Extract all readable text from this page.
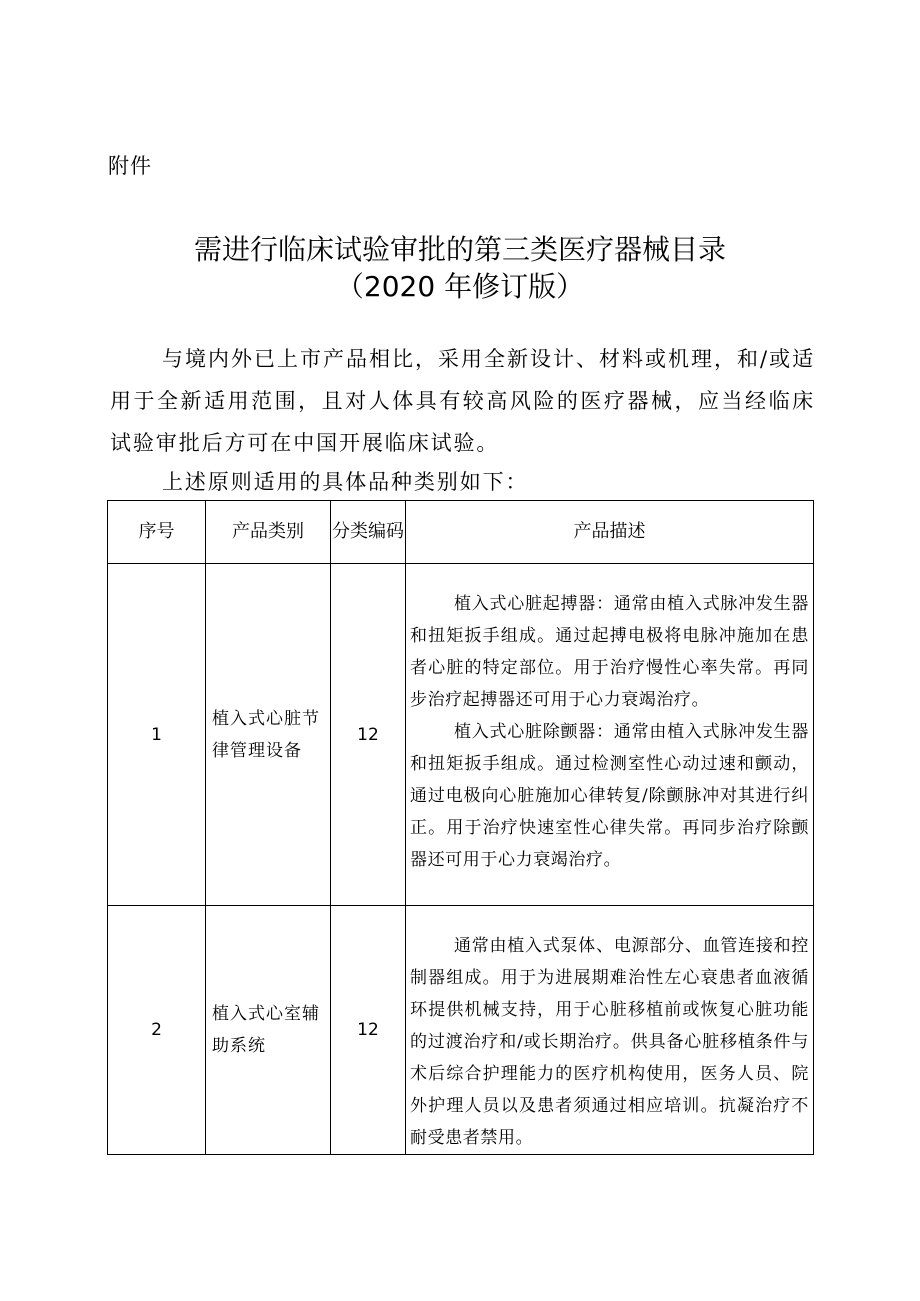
附件
需进行临床试验审批的第三类医疗器械目录
（2020 年修订版）

与境内外已上市产品相比，采用全新设计、材料或机理，和/或适用于全新适用范围，且对人体具有较高风险的医疗器械，应当经临床试验审批后方可在中国开展临床试验。

上述原则适用的具体品种类别如下：
序号	产品类别	分类编码	产品描述
1	植入式心脏节律管理设备	12	植入式心脏起搏器：通常由植入式脉冲发生器和扭矩扳手组成。通过起搏电极将电脉冲施加在患者心脏的特定部位。用于治疗慢性心率失常。再同步治疗起搏器还可用于心力衰竭治疗。

植入式心脏除颤器：通常由植入式脉冲发生器和扭矩扳手组成。通过检测室性心动过速和颤动，通过电极向心脏施加心律转复/除颤脉冲对其进行纠正。用于治疗快速室性心律失常。再同步治疗除颤器还可用于心力衰竭治疗。

2	植入式心室辅助系统	12	通常由植入式泵体、电源部分、血管连接和控制器组成。用于为进展期难治性左心衰患者血液循环提供机械支持，用于心脏移植前或恢复心脏功能的过渡治疗和/或长期治疗。供具备心脏移植条件与术后综合护理能力的医疗机构使用，医务人员、院外护理人员以及患者须通过相应培训。抗凝治疗不耐受患者禁用。
